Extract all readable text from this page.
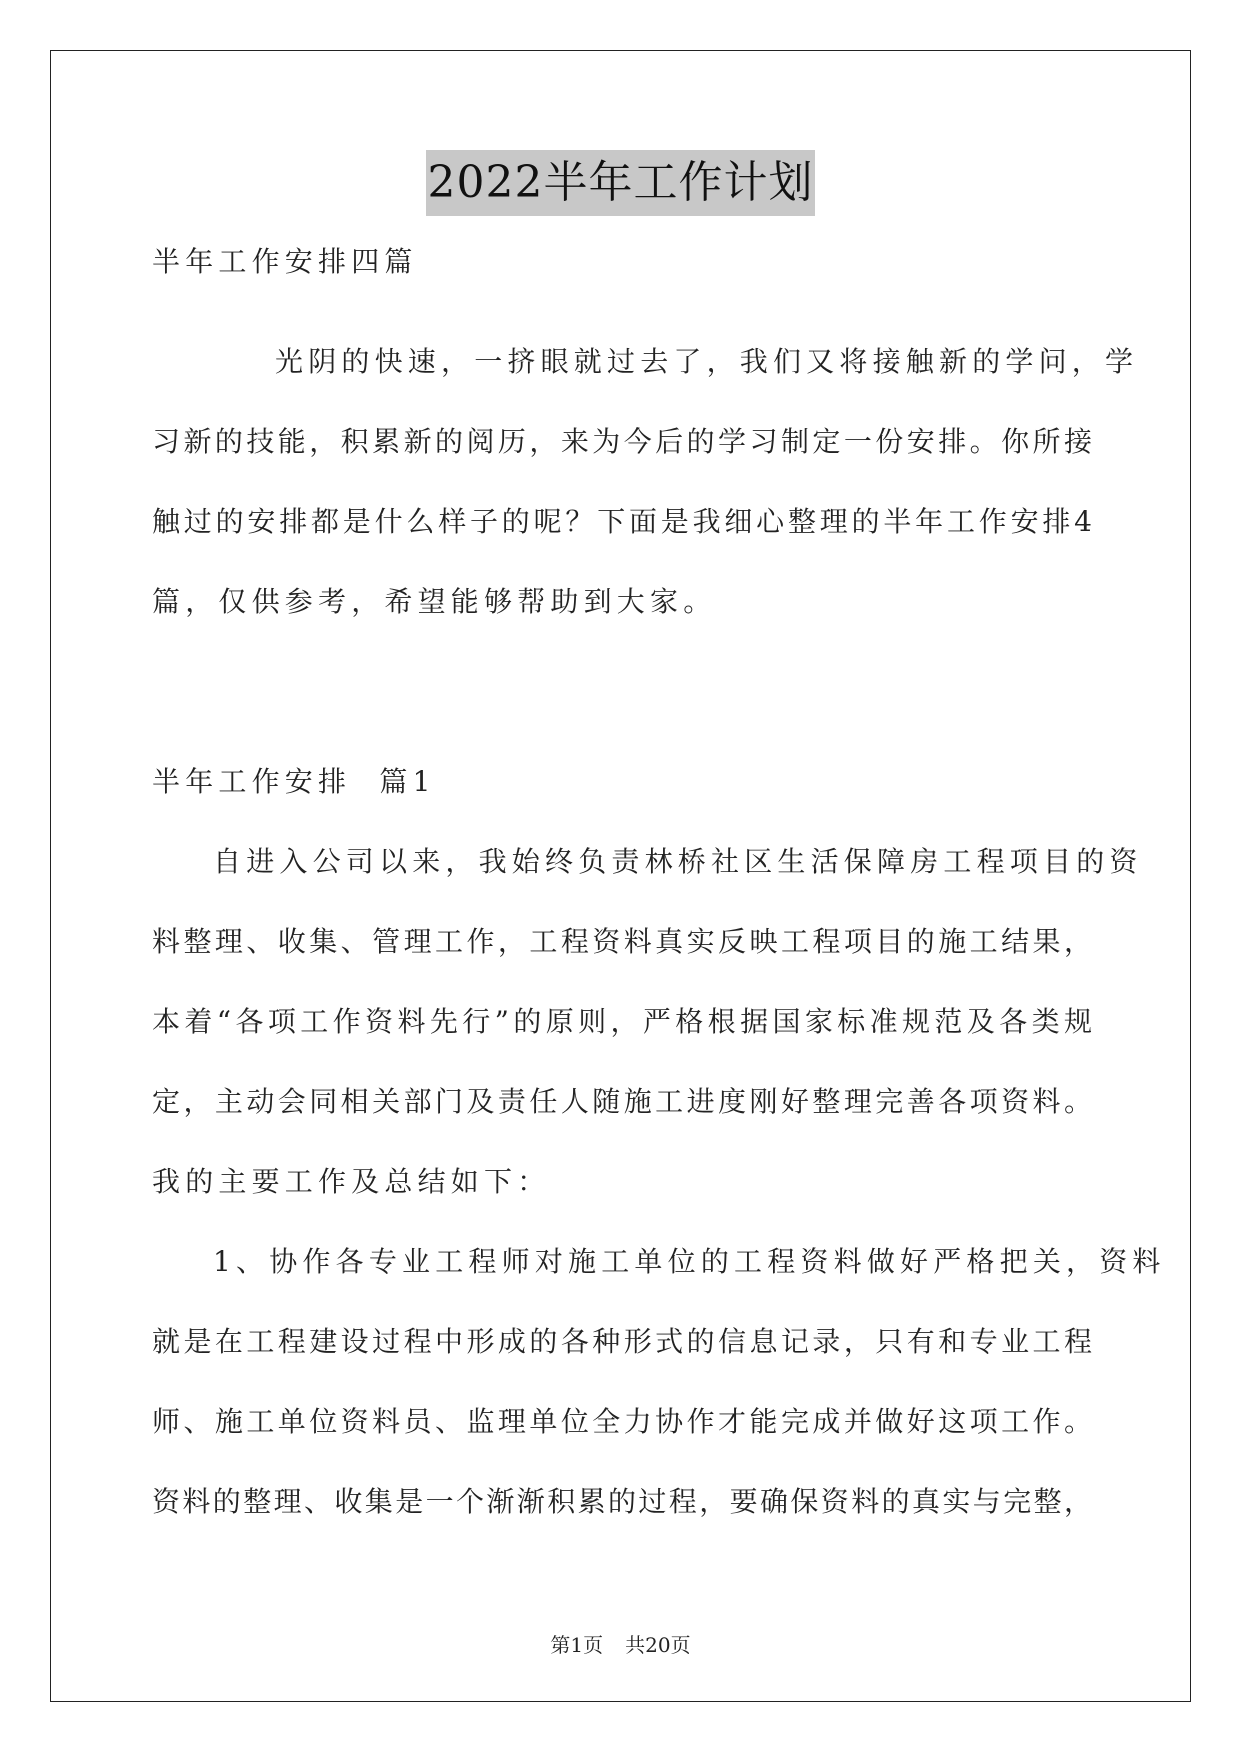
2022半年工作计划
半年工作安排四篇
光阴的快速，一挤眼就过去了，我们又将接触新的学问，学
习新的技能，积累新的阅历，来为今后的学习制定一份安排。你所接
触过的安排都是什么样子的呢？下面是我细心整理的半年工作安排4
篇，仅供参考，希望能够帮助到大家。
半年工作安排  篇1
自进入公司以来，我始终负责林桥社区生活保障房工程项目的资
料整理、收集、管理工作，工程资料真实反映工程项目的施工结果，
本着“各项工作资料先行”的原则，严格根据国家标准规范及各类规
定，主动会同相关部门及责任人随施工进度刚好整理完善各项资料。
我的主要工作及总结如下：
1、协作各专业工程师对施工单位的工程资料做好严格把关，资料
就是在工程建设过程中形成的各种形式的信息记录，只有和专业工程
师、施工单位资料员、监理单位全力协作才能完成并做好这项工作。
资料的整理、收集是一个渐渐积累的过程，要确保资料的真实与完整，
第1页 共20页
